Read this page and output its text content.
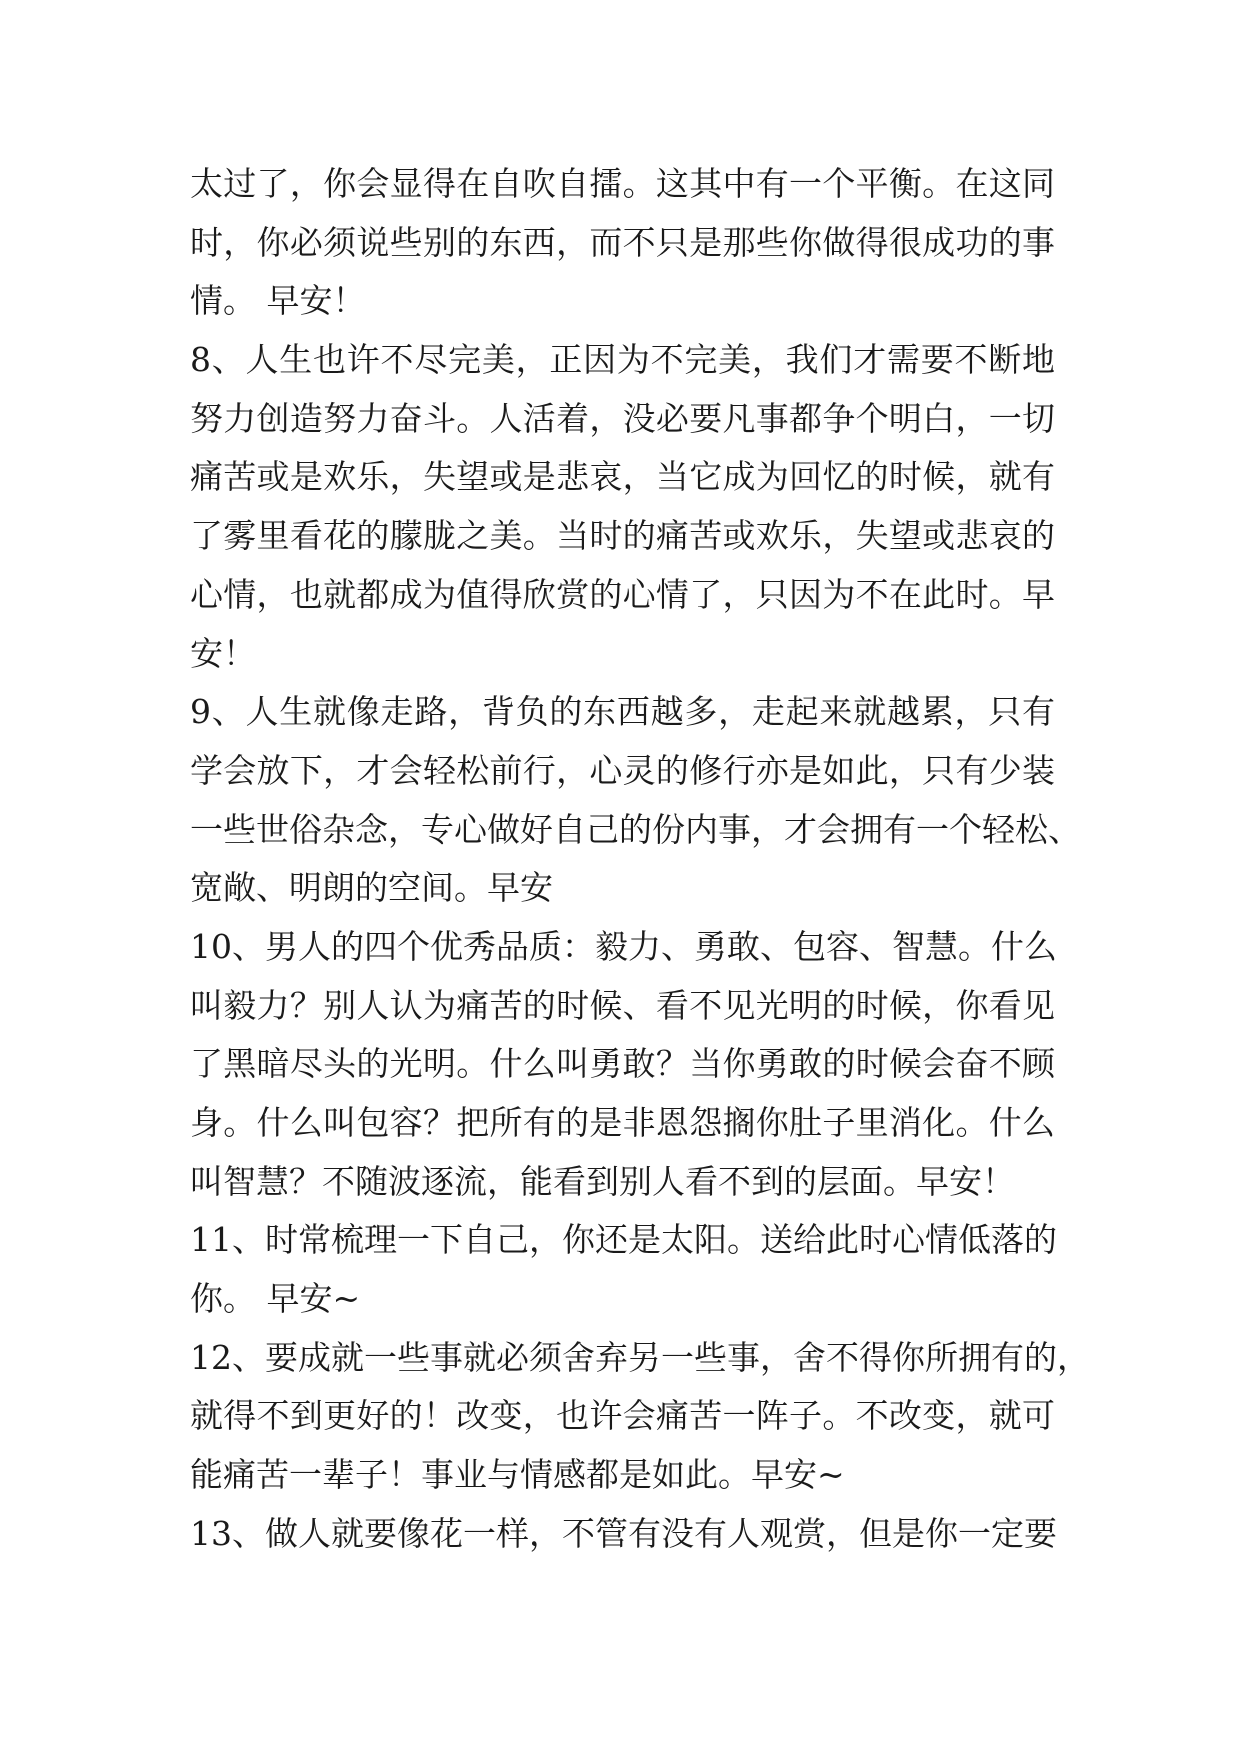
太过了，你会显得在自吹自擂。这其中有一个平衡。在这同
时，你必须说些别的东西，而不只是那些你做得很成功的事
情。 早安！
8、人生也许不尽完美，正因为不完美，我们才需要不断地
努力创造努力奋斗。人活着，没必要凡事都争个明白，一切
痛苦或是欢乐，失望或是悲哀，当它成为回忆的时候，就有
了雾里看花的朦胧之美。当时的痛苦或欢乐，失望或悲哀的
心情，也就都成为值得欣赏的心情了，只因为不在此时。早
安！
9、人生就像走路，背负的东西越多，走起来就越累，只有
学会放下，才会轻松前行，心灵的修行亦是如此，只有少装
一些世俗杂念，专心做好自己的份内事，才会拥有一个轻松、
宽敞、明朗的空间。早安
10、男人的四个优秀品质：毅力、勇敢、包容、智慧。什么
叫毅力？别人认为痛苦的时候、看不见光明的时候，你看见
了黑暗尽头的光明。什么叫勇敢？当你勇敢的时候会奋不顾
身。什么叫包容？把所有的是非恩怨搁你肚子里消化。什么
叫智慧？不随波逐流，能看到别人看不到的层面。早安！
11、时常梳理一下自己，你还是太阳。送给此时心情低落的
你。 早安~
12、要成就一些事就必须舍弃另一些事，舍不得你所拥有的，
就得不到更好的！改变，也许会痛苦一阵子。不改变，就可
能痛苦一辈子！事业与情感都是如此。早安~
13、做人就要像花一样，不管有没有人观赏，但是你一定要
